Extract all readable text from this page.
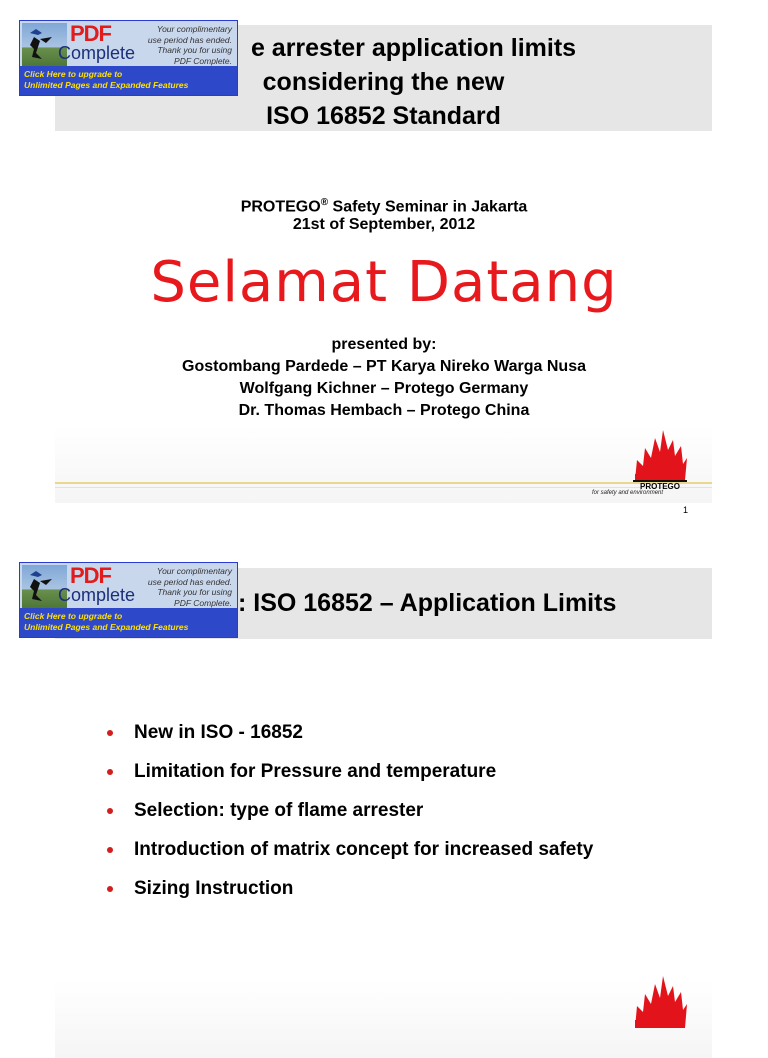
e arrester application limits
considering the new
ISO 16852 Standard
PDF
Complete
Your complimentary
use period has ended.
Thank you for using
PDF Complete.
Click Here to upgrade to
Unlimited Pages and Expanded Features
PROTEGO® Safety Seminar in Jakarta
21st of September, 2012
Selamat Datang
presented by:
Gostombang Pardede – PT Karya Nireko Warga Nusa
Wolfgang Kichner – Protego Germany
Dr. Thomas Hembach – Protego China
PROTEGO
for safety and environment
1
: ISO 16852 – Application Limits
PDF
Complete
Your complimentary
use period has ended.
Thank you for using
PDF Complete.
Click Here to upgrade to
Unlimited Pages and Expanded Features
New in ISO - 16852
Limitation for Pressure and temperature
Selection: type of flame arrester
Introduction of matrix concept for increased safety
Sizing Instruction
